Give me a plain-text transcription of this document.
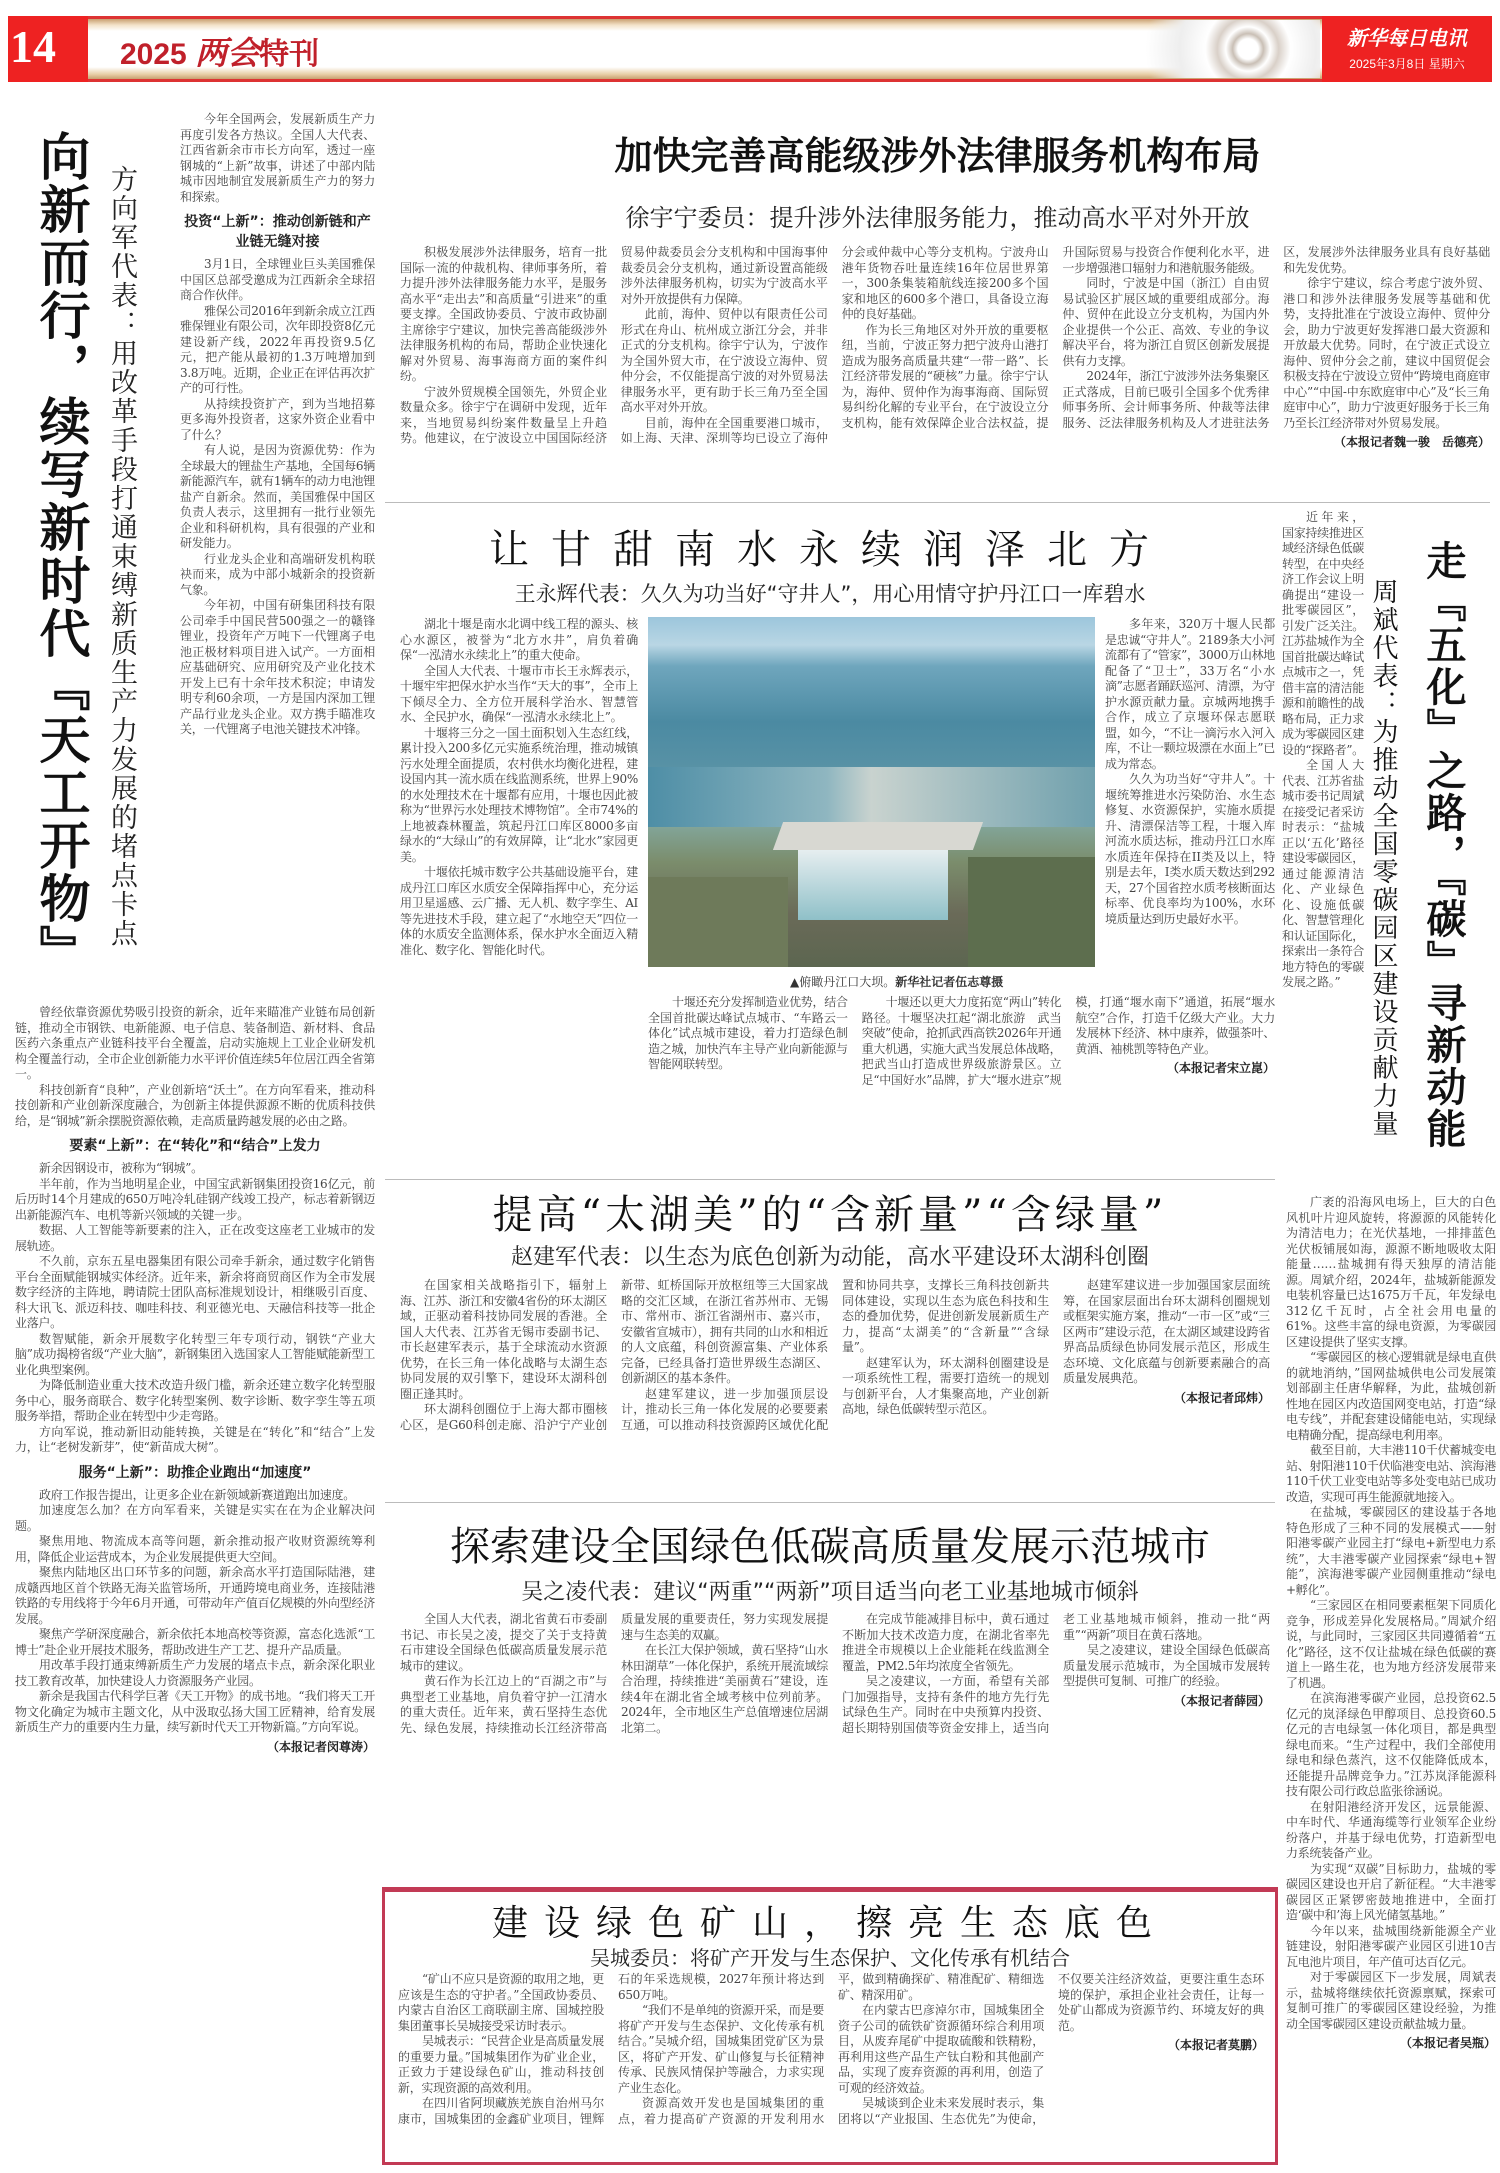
14 2025 两会特刊	新华每日电讯
2025年3月8日 星期六
向新而行，续写新时代『天工开物』 方向军代表：用改革手段打通束缚新质生产力发展的堵点卡点

今年全国两会，发展新质生产力再度引发各方热议。全国人大代表、江西省新余市市长方向军，透过一座钢城的“上新”故事，讲述了中部内陆城市因地制宜发展新质生产力的努力和探索。

投资“上新”：推动创新链和产业链无缝对接

3月1日，全球锂业巨头美国雅保中国区总部受邀成为江西新余全球招商合作伙伴。

雅保公司2016年到新余成立江西雅保锂业有限公司，次年即投资8亿元建设新产线，2022年再投资9.5亿元，把产能从最初的1.3万吨增加到3.8万吨。近期，企业正在评估再次扩产的可行性。

从持续投资扩产，到为当地招募更多海外投资者，这家外资企业看中了什么？

有人说，是因为资源优势：作为全球最大的锂盐生产基地，全国每6辆新能源汽车，就有1辆车的动力电池锂盐产自新余。然而，美国雅保中国区负责人表示，这里拥有一批行业领先企业和科研机构，具有很强的产业和研发能力。

行业龙头企业和高端研发机构联袂而来，成为中部小城新余的投资新气象。

今年初，中国有研集团科技有限公司牵手中国民营500强之一的赣锋锂业，投资年产万吨下一代锂离子电池正极材料项目进入试产。一方面相应基础研究、应用研究及产业化技术开发上已有十余年技术积淀；申请发明专利60余项，一方是国内深加工锂产品行业龙头企业。双方携手瞄准攻关，一代锂离子电池关键技术冲锋。

曾经依靠资源优势吸引投资的新余，近年来瞄准产业链布局创新链，推动全市钢铁、电新能源、电子信息、装备制造、新材料、食品医药六条重点产业链科技平台全覆盖，启动实施规上工业企业研发机构全覆盖行动，全市企业创新能力水平评价值连续5年位居江西全省第一。

科技创新育“良种”，产业创新培“沃土”。在方向军看来，推动科技创新和产业创新深度融合，为创新主体提供源源不断的优质科技供给，是“钢城”新余摆脱资源依赖，走高质量跨越发展的必由之路。

要素“上新”：在“转化”和“结合”上发力

新余因钢设市，被称为“钢城”。

半年前，作为当地明星企业，中国宝武新钢集团投资16亿元，前后历时14个月建成的650万吨冷轧硅钢产线竣工投产，标志着新钢迈出新能源汽车、电机等新兴领域的关键一步。

数据、人工智能等新要素的注入，正在改变这座老工业城市的发展轨迹。

不久前，京东五星电器集团有限公司牵手新余，通过数字化销售平台全面赋能钢城实体经济。近年来，新余将商贸商区作为全市发展数字经济的主阵地，聘请院士团队高标准规划设计，相继吸引百度、科大讯飞、派迈科技、咖哇科技、利亚德光电、天融信科技等一批企业落户。

数智赋能，新余开展数字化转型三年专项行动，钢铁“产业大脑”成功揭榜省级“产业大脑”，新钢集团入选国家人工智能赋能新型工业化典型案例。

为降低制造业重大技术改造升级门槛，新余还建立数字化转型服务中心，服务商联合、数字化转型案例、数字诊断、数字孪生等五项服务举措，帮助企业在转型中少走弯路。

方向军说，推动新旧动能转换，关键是在“转化”和“结合”上发力，让“老树发新芽”，使“新苗成大树”。

服务“上新”：助推企业跑出“加速度”

政府工作报告提出，让更多企业在新领域新赛道跑出加速度。

加速度怎么加？在方向军看来，关键是实实在在为企业解决问题。

聚焦用地、物流成本高等问题，新余推动报产收财资源统筹利用，降低企业运营成本，为企业发展提供更大空间。

聚焦内陆地区出口环节多的问题，新余高水平打造国际陆港，建成赣西地区首个铁路无海关监管场所，开通跨境电商业务，连接陆港铁路的专用线将于今年6月开通，可带动年产值百亿规模的外向型经济发展。

聚焦产学研深度融合，新余依托本地高校等资源，富态化选派“工博士”赴企业开展技术服务，帮助改进生产工艺、提升产品质量。

用改革手段打通束缚新质生产力发展的堵点卡点，新余深化职业技工教育改革，加快建设人力资源服务产业园。

新余是我国古代科学巨著《天工开物》的成书地。“我们将天工开物文化确定为城市主题文化，从中汲取弘扬大国工匠精神，给育发展新质生产力的重要内生力量，续写新时代天工开物新篇。”方向军说。

（本报记者闵尊涛）
加快完善高能级涉外法律服务机构布局
徐宇宁委员：提升涉外法律服务能力，推动高水平对外开放

积极发展涉外法律服务，培育一批国际一流的仲裁机构、律师事务所，着力提升涉外法律服务能力水平，是服务高水平“走出去”和高质量“引进来”的重要支撑。全国政协委员、宁波市政协副主席徐宇宁建议，加快完善高能级涉外法律服务机构的布局，帮助企业快速化解对外贸易、海事海商方面的案件纠纷。

宁波外贸规模全国领先，外贸企业数量众多。徐宇宁在调研中发现，近年来，当地贸易纠纷案件数量呈上升趋势。他建议，在宁波设立中国国际经济贸易仲裁委员会分支机构和中国海事仲裁委员会分支机构，通过新设置高能级涉外法律服务机构，切实为宁波高水平对外开放提供有力保障。

此前，海仲、贸仲以有限责任公司形式在舟山、杭州成立浙江分会，并非正式的分支机构。徐宇宁认为，宁波作为全国外贸大市，在宁波设立海仲、贸仲分会，不仅能提高宁波的对外贸易法律服务水平，更有助于长三角乃至全国高水平对外开放。

目前，海仲在全国重要港口城市，如上海、天津、深圳等均已设立了海仲分会或仲裁中心等分支机构。宁波舟山港年货物吞吐量连续16年位居世界第一，300条集装箱航线连接200多个国家和地区的600多个港口，具备设立海仲的良好基础。

作为长三角地区对外开放的重要枢纽，当前，宁波正努力把宁波舟山港打造成为服务高质量共建“一带一路”、长江经济带发展的“硬核”力量。徐宇宁认为，海仲、贸仲作为海事海商、国际贸易纠纷化解的专业平台，在宁波设立分支机构，能有效保障企业合法权益，提升国际贸易与投资合作便利化水平，进一步增强港口辐射力和港航服务能级。

同时，宁波是中国（浙江）自由贸易试验区扩展区域的重要组成部分。海仲、贸仲在此设立分支机构，为国内外企业提供一个公正、高效、专业的争议解决平台，将为浙江自贸区创新发展提供有力支撑。

2024年，浙江宁波涉外法务集聚区正式落成，目前已吸引全国多个优秀律师事务所、会计师事务所、仲裁等法律服务、泛法律服务机构及人才进驻法务区，发展涉外法律服务业具有良好基础和先发优势。

徐宇宁建议，综合考虑宁波外贸、港口和涉外法律服务发展等基础和优势，支持批准在宁波设立海仲、贸仲分会，助力宁波更好发挥港口最大资源和开放最大优势。同时，在宁波正式设立海仲、贸仲分会之前，建议中国贸促会积极支持在宁波设立贸仲“跨境电商庭审中心”“中国-中东欧庭审中心”及“长三角庭审中心”，助力宁波更好服务于长三角乃至长江经济带对外贸易发展。

（本报记者魏一骏　岳德亮）
让甘甜南水永续润泽北方
王永辉代表：久久为功当好“守井人”，用心用情守护丹江口一库碧水
▲俯瞰丹江口大坝。新华社记者伍志尊摄

湖北十堰是南水北调中线工程的源头、核心水源区，被誉为“北方水井”，肩负着确保“一泓清水永续北上”的重大使命。

全国人大代表、十堰市市长王永辉表示，十堰牢牢把保水护水当作“天大的事”，全市上下倾尽全力、全方位开展科学治水、智慧管水、全民护水，确保“一泓清水永续北上”。

十堰将三分之一国土面积划入生态红线，累计投入200多亿元实施系统治理，推动城镇污水处理全面提质，农村供水均衡化进程，建设国内其一流水质在线监测系统，世界上90%的水处理技术在十堰都有应用，十堰也因此被称为“世界污水处理技术博物馆”。全市74%的上地被森林覆盖，筑起丹江口库区8000多亩绿水的“大绿山”的有效屏障，让“北水”家园更美。

十堰依托城市数字公共基础设施平台，建成丹江口库区水质安全保障指挥中心，充分运用卫星遥感、云广播、无人机、数字孪生、AI等先进技术手段，建立起了“水地空天”四位一体的水质安全监测体系，保水护水全面迈入精准化、数字化、智能化时代。

多年来，320万十堰人民都是忠诚“守井人”。2189条大小河流都有了“管家”，3000万山林地配备了“卫士”，33万名“小水滴”志愿者踊跃巡河、清漂，为守护水源贡献力量。京城两地携手合作，成立了京堰环保志愿联盟，如今，“不让一滴污水入河入库，不让一颗垃圾漂在水面上”已成为常态。

久久为功当好“守井人”。十堰统筹推进水污染防治、水生态修复、水资源保护，实施水质提升、清漂保洁等工程，十堰入库河流水质达标，推动丹江口水库水质连年保持在II类及以上，特别是去年，I类水质天数达到292天，27个国省控水质考核断面达标率、优良率均为100%，水环境质量达到历史最好水平。

十堰还充分发挥制造业优势，结合全国首批碳达峰试点城市、“车路云一体化”试点城市建设，着力打造绿色制造之城，加快汽车主导产业向新能源与智能网联转型。

十堰还以更大力度拓宽“两山”转化路径。十堰坚决扛起“湖北旅游　武当突破”使命，抢抓武西高铁2026年开通重大机遇，实施大武当发展总体战略，把武当山打造成世界级旅游景区。立足“中国好水”品牌，扩大“堰水进京”规模，打通“堰水南下”通道，拓展“堰水航空”合作，打造千亿级大产业。大力发展林下经济、林中康养，做强茶叶、黄酒、袖桃凯等特色产业。

（本报记者宋立崑）
提高“太湖美”的“含新量”“含绿量”
赵建军代表：以生态为底色创新为动能，高水平建设环太湖科创圈

在国家相关战略指引下，辐射上海、江苏、浙江和安徽4省份的环太湖区域，正驱动着科技协同发展的香港。全国人大代表、江苏省无锡市委副书记、市长赵建军表示，基于全球流动水资源优势，在长三角一体化战略与太湖生态协同发展的双引擎下，建设环太湖科创圈正逢其时。

环太湖科创圈位于上海大都市圈核心区，是G60科创走廊、沿沪宁产业创新带、虹桥国际开放枢纽等三大国家战略的交汇区域，在浙江省苏州市、无锡市、常州市、浙江省湖州市、嘉兴市，安徽省宣城市），拥有共同的山水和相近的人文底蕴，科创资源富集、产业体系完备，已经具备打造世界级生态湖区、创新湖区的基本条件。

赵建军建议，进一步加强顶层设计，推动长三角一体化发展的必要要素互通，可以推动科技资源跨区域优化配置和协同共享，支撑长三角科技创新共同体建设，实现以生态为底色科技和生态的叠加优势，促进创新发展新质生产力，提高“太湖美”的“含新量”“含绿量”。

赵建军认为，环太湖科创圈建设是一项系统性工程，需要打造统一的规划与创新平台，人才集聚高地，产业创新高地，绿色低碳转型示范区。

赵建军建议进一步加强国家层面统筹，在国家层面出台环太湖科创圈规划或框架实施方案，推动“一市一区”或“三区两市”建设示范，在太湖区域建设跨省界高品质绿色协同发展示范区，形成生态环境、文化底蕴与创新要素融合的高质量发展典范。

（本报记者邱炜）
探索建设全国绿色低碳高质量发展示范城市
吴之凌代表：建议“两重”“两新”项目适当向老工业基地城市倾斜

全国人大代表，湖北省黄石市委副书记、市长吴之凌，提交了关于支持黄石市建设全国绿色低碳高质量发展示范城市的建议。

黄石作为长江边上的“百湖之市”与典型老工业基地，肩负着守护一江清水的重大责任。近年来，黄石坚持生态优先、绿色发展，持续推动长江经济带高质量发展的重要责任，努力实现发展提速与生态美的双赢。

在长江大保护领域，黄石坚持“山水林田湖草”一体化保护，系统开展流域综合治理，持续推进“美丽黄石”建设，连续4年在湖北省全域考核中位列前茅。2024年，全市地区生产总值增速位居湖北第二。

在完成节能减排目标中，黄石通过不断加大技术改造力度，在湖北省率先推进全市规模以上企业能耗在线监测全覆盖，PM2.5年均浓度全省领先。

吴之凌建议，一方面，希望有关部门加强指导，支持有条件的地方先行先试绿色生产。同时在中央预算内投资、超长期特别国债等资金安排上，适当向老工业基地城市倾斜，推动一批“两重”“两新”项目在黄石落地。

吴之凌建议，建设全国绿色低碳高质量发展示范城市，为全国城市发展转型提供可复制、可推广的经验。

（本报记者薛园）
建设绿色矿山，擦亮生态底色
吴城委员：将矿产开发与生态保护、文化传承有机结合

“矿山不应只是资源的取用之地，更应该是生态的守护者。”全国政协委员、内蒙古自治区工商联副主席、国城控股集团董事长吴城接受采访时表示。

吴城表示：“民营企业是高质量发展的重要力量。”国城集团作为矿业企业，正致力于建设绿色矿山，推动科技创新，实现资源的高效利用。

在四川省阿坝藏族羌族自治州马尔康市，国城集团的金鑫矿业项目，锂辉石的年采选规模，2027年预计将达到650万吨。

“我们不是单纯的资源开采，而是要将矿产开发与生态保护、文化传承有机结合。”吴城介绍，国城集团党矿区为景区，将矿产开发、矿山修复与长征精神传承、民族风情保护等融合，力求实现产业生态化。

资源高效开发也是国城集团的重点，着力提高矿产资源的开发利用水平，做到精确探矿、精准配矿、精细选矿、精深用矿。

在内蒙古巴彦淖尔市，国城集团全资子公司的硫铁矿资源循环综合利用项目，从废弃尾矿中提取硫酸和铁精粉，再利用这些产品生产钛白粉和其他副产品，实现了废弃资源的再利用，创造了可观的经济效益。

吴城谈到企业未来发展时表示，集团将以“产业报国、生态优先”为使命，不仅要关注经济效益，更要注重生态环境的保护，承担企业社会责任，让每一处矿山都成为资源节约、环境友好的典范。

（本报记者莫鹏）
走『五化』之路，『碳』寻新动能
周斌代表：为推动全国零碳园区建设贡献力量

近年来，国家持续推进区域经济绿色低碳转型，在中央经济工作会议上明确提出“建设一批零碳园区”，引发广泛关注。江苏盐城作为全国首批碳达峰试点城市之一，凭借丰富的清洁能源和前瞻性的战略布局，正力求成为零碳园区建设的“探路者”。

全国人大代表、江苏省盐城市委书记周斌在接受记者采访时表示：“盐城正以‘五化’路径建设零碳园区，通过能源清洁化、产业绿色化、设施低碳化、智慧管理化和认证国际化，探索出一条符合地方特色的零碳发展之路。”

广袤的沿海风电场上，巨大的白色风机叶片迎风旋转，将源源的风能转化为清洁电力；在光伏基地，一排排蓝色光伏板铺展如海，源源不断地吸收太阳能量……盐城拥有得天独厚的清洁能源。周斌介绍，2024年，盐城新能源发电装机容量已达1675万千瓦，年发绿电312亿千瓦时，占全社会用电量的61%。这些丰富的绿电资源，为零碳园区建设提供了坚实支撑。

“零碳园区的核心逻辑就是绿电直供的就地消纳，”国网盐城供电公司发展策划部副主任唐华解释，为此，盐城创新性地在园区内改造国网变电站，打造“绿电专线”，并配套建设储能电站，实现绿电精确分配，提高绿电利用率。

截至目前，大丰港110千伏蓄城变电站、射阳港110千伏临港变电站、滨海港110千伏工业变电站等多处变电站已成功改造，实现可再生能源就地接入。

在盐城，零碳园区的建设基于各地特色形成了三种不同的发展模式——射阳港零碳产业园主打“绿电+新型电力系统”，大丰港零碳产业园探索“绿电+智能”，滨海港零碳产业园侧重推动“绿电+孵化”。

“三家园区在相同要素框架下同质化竞争，形成差异化发展格局。”周斌介绍说，与此同时，三家园区共同遵循着“五化”路径，这不仅让盐城在绿色低碳的赛道上一路生花，也为地方经济发展带来了机遇。

在滨海港零碳产业园，总投资62.5亿元的岚泽绿色甲醇项目、总投资60.5亿元的吉电绿氢一体化项目，都是典型绿电而来。“生产过程中，我们全部使用绿电和绿色蒸汽，这不仅能降低成本，还能提升品牌竞争力。”江苏岚泽能源科技有限公司行政总监张徐涵说。

在射阳港经济开发区，远景能源、中车时代、华通海缆等行业领军企业纷纷落户，并基于绿电优势，打造新型电力系统装备产业。

为实现“双碳”目标助力，盐城的零碳园区建设也开启了新征程。“大丰港零碳园区正紧锣密鼓地推进中，全面打造‘碳中和’海上风光储氢基地。”

今年以来，盐城围绕新能源全产业链建设，射阳港零碳产业园区引进10吉瓦电池片项目，年产值可达百亿元。

对于零碳园区下一步发展，周斌表示，盐城将继续依托资源禀赋，探索可复制可推广的零碳园区建设经验，为推动全国零碳园区建设贡献盐城力量。

（本报记者吴瓶）
